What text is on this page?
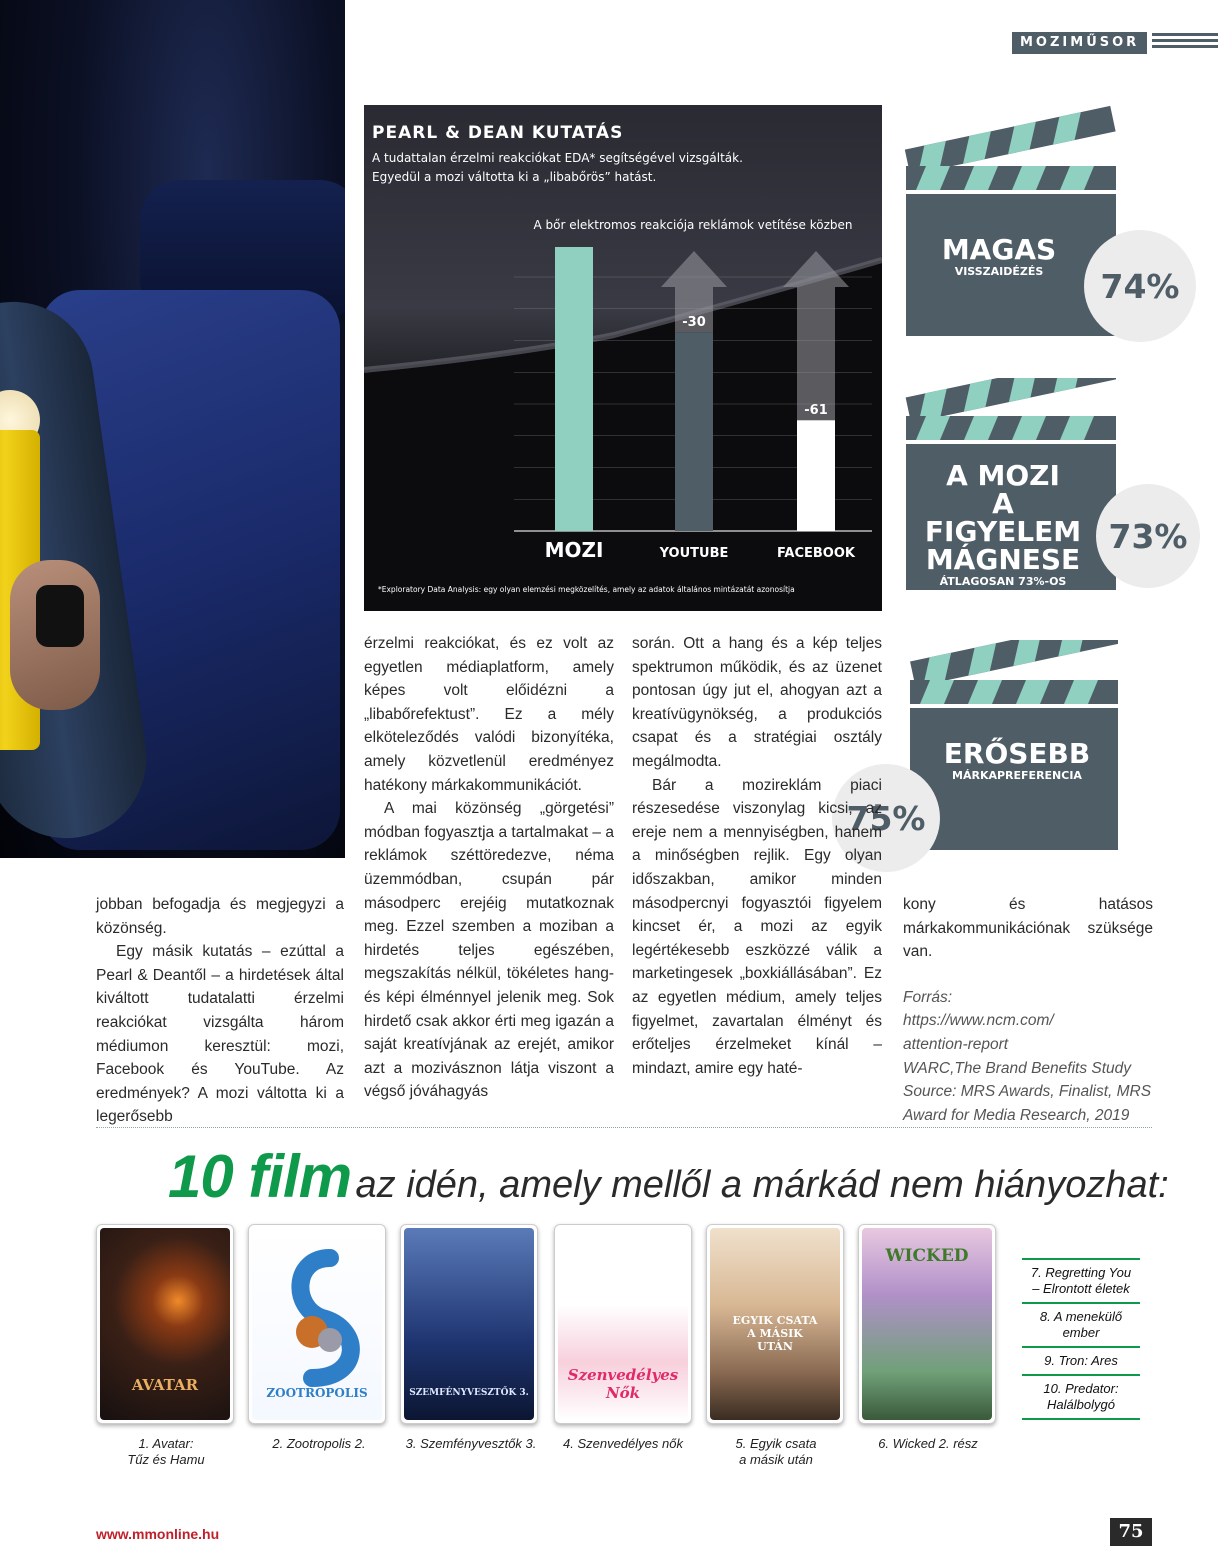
MOZIMŰSOR
PEARL & DEAN KUTATÁS
A tudattalan érzelmi reakciókat EDA* segítségével vizsgálták.
Egyedül a mozi váltotta ki a „libabőrös” hatást.
A bőr elektromos reakciója reklámok vetítése közben
MOZI
-30
YOUTUBE
-61
FACEBOOK
*Exploratory Data Analysis: egy olyan elemzési megközelítés, amely az adatok általános mintázatát azonosítja
MAGAS
VISSZAIDÉZÉS	74%
A MOZI
A FIGYELEM
MÁGNESE
ÁTLAGOSAN 73%-OS
EREDMÉNNYEL
73%
ERŐSEBB
MÁRKAPREFERENCIA
75%

jobban befogadja és megjegyzi a közönség.

Egy másik kutatás – ezúttal a Pearl & Deantől – a hirdetések által kiváltott tudatalatti érzelmi reakciókat vizsgálta három médiumon keresztül: mozi, Facebook és YouTube. Az eredmények? A mozi váltotta ki a legerősebb

érzelmi reakciókat, és ez volt az egyetlen médiaplatform, amely képes volt előidézni a „libabőrefektust”. Ez a mély elköteleződés valódi bizonyítéka, amely közvetlenül eredményez hatékony márkakommunikációt.

A mai közönség „görgetési” módban fogyasztja a tartalmakat – a reklámok széttöredezve, néma üzemmódban, csupán pár másodperc erejéig mutatkoznak meg. Ezzel szemben a moziban a hirdetés teljes egészében, megszakítás nélkül, tökéletes hang- és képi élménnyel jelenik meg. Sok hirdető csak akkor érti meg igazán a saját kreatívjának az erejét, amikor azt a mozivásznon látja viszont a végső jóváhagyás

során. Ott a hang és a kép teljes spektrumon működik, és az üzenet pontosan úgy jut el, ahogyan azt a kreatívügynökség, a produkciós csapat és a stratégiai osztály megálmodta.

Bár a mozireklám piaci részesedése viszonylag kicsi, az ereje nem a mennyiségben, hanem a minőségben rejlik. Egy olyan időszakban, amikor minden másodpercnyi fogyasztói figyelem kincset ér, a mozi az egyik legértékesebb eszközzé válik a marketingesek „boxkiállásában”. Ez az egyetlen médium, amely teljes figyelmet, zavartalan élményt és erőteljes érzelmeket kínál – mindazt, amire egy haté-

kony és hatásos márkakommunikációnak szüksége van.

Forrás:
https://www.ncm.com/
attention-report
WARC,The Brand Benefits Study
Source: MRS Awards, Finalist, MRS
Award for Media Research, 2019
10 film az idén, amely mellől a márkád nem hiányozhat:
AVATAR	ZOOTROPOLIS	SZEMFÉNYVESZTŐK 3.
Szenvedélyes Nők
EGYIK CSATA A MÁSIK UTÁN
WICKED
1. Avatar:
Tűz és Hamu
2. Zootropolis 2.	3. Szemfényvesztők 3.	4. Szenvedélyes nők	5. Egyik csata
a másik után
6. Wicked 2. rész
7. Regretting You
– Elrontott életek
8. A menekülő
ember
9. Tron: Ares
10. Predator:
Halálbolygó
www.mmonline.hu	75
